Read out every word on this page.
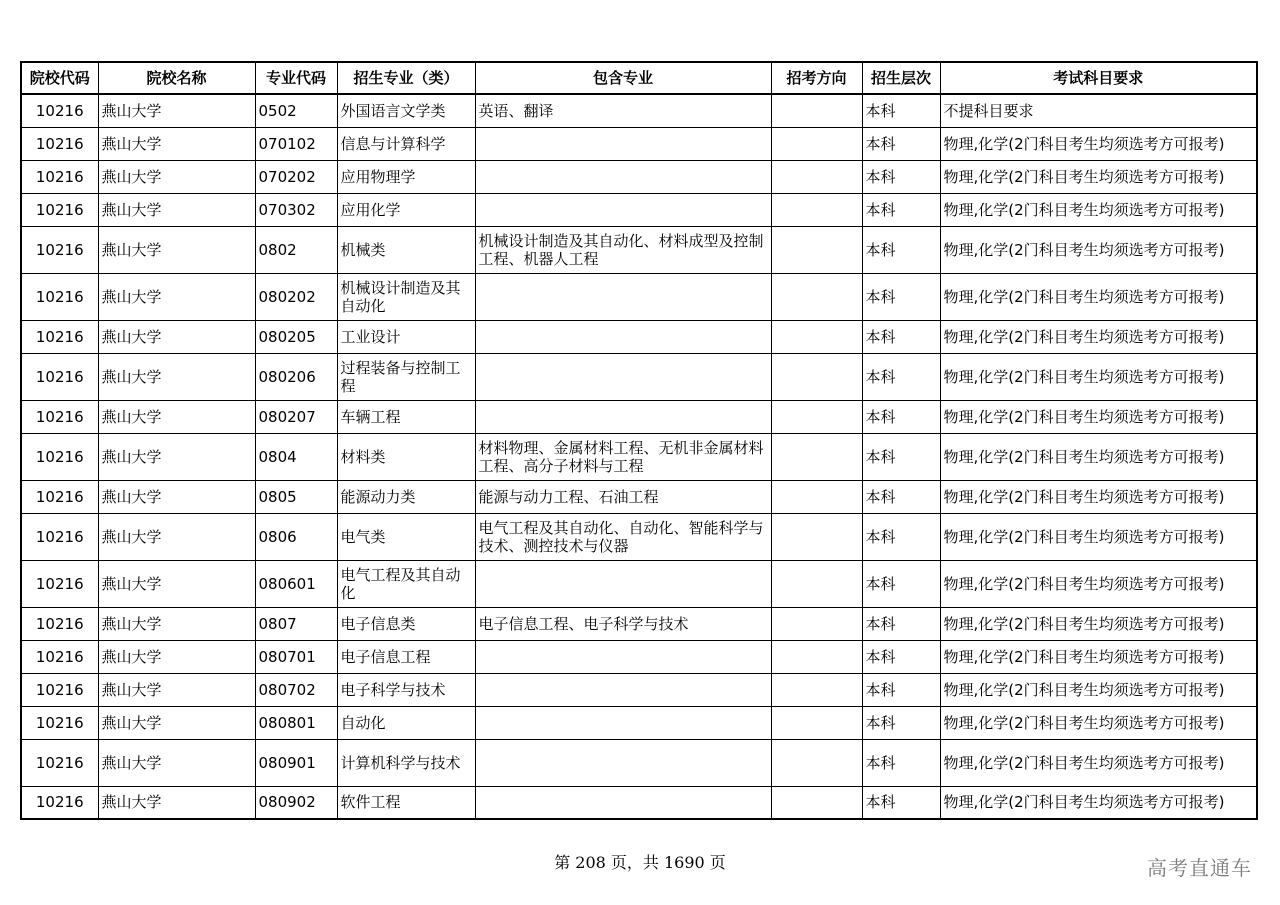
院校代码	院校名称	专业代码	招生专业（类）	包含专业	招考方向	招生层次	考试科目要求
10216	燕山大学	0502	外国语言文学类	英语、翻译		本科	不提科目要求
10216	燕山大学	070102	信息与计算科学			本科	物理,化学(2门科目考生均须选考方可报考)
10216	燕山大学	070202	应用物理学			本科	物理,化学(2门科目考生均须选考方可报考)
10216	燕山大学	070302	应用化学			本科	物理,化学(2门科目考生均须选考方可报考)
10216	燕山大学	0802	机械类	机械设计制造及其自动化、材料成型及控制工程、机器人工程		本科	物理,化学(2门科目考生均须选考方可报考)
10216	燕山大学	080202	机械设计制造及其自动化			本科	物理,化学(2门科目考生均须选考方可报考)
10216	燕山大学	080205	工业设计			本科	物理,化学(2门科目考生均须选考方可报考)
10216	燕山大学	080206	过程装备与控制工程			本科	物理,化学(2门科目考生均须选考方可报考)
10216	燕山大学	080207	车辆工程			本科	物理,化学(2门科目考生均须选考方可报考)
10216	燕山大学	0804	材料类	材料物理、金属材料工程、无机非金属材料工程、高分子材料与工程		本科	物理,化学(2门科目考生均须选考方可报考)
10216	燕山大学	0805	能源动力类	能源与动力工程、石油工程		本科	物理,化学(2门科目考生均须选考方可报考)
10216	燕山大学	0806	电气类	电气工程及其自动化、自动化、智能科学与技术、测控技术与仪器		本科	物理,化学(2门科目考生均须选考方可报考)
10216	燕山大学	080601	电气工程及其自动化			本科	物理,化学(2门科目考生均须选考方可报考)
10216	燕山大学	0807	电子信息类	电子信息工程、电子科学与技术		本科	物理,化学(2门科目考生均须选考方可报考)
10216	燕山大学	080701	电子信息工程			本科	物理,化学(2门科目考生均须选考方可报考)
10216	燕山大学	080702	电子科学与技术			本科	物理,化学(2门科目考生均须选考方可报考)
10216	燕山大学	080801	自动化			本科	物理,化学(2门科目考生均须选考方可报考)
10216	燕山大学	080901	计算机科学与技术			本科	物理,化学(2门科目考生均须选考方可报考)
10216	燕山大学	080902	软件工程			本科	物理,化学(2门科目考生均须选考方可报考)
第 208 页，共 1690 页	高考直通车
